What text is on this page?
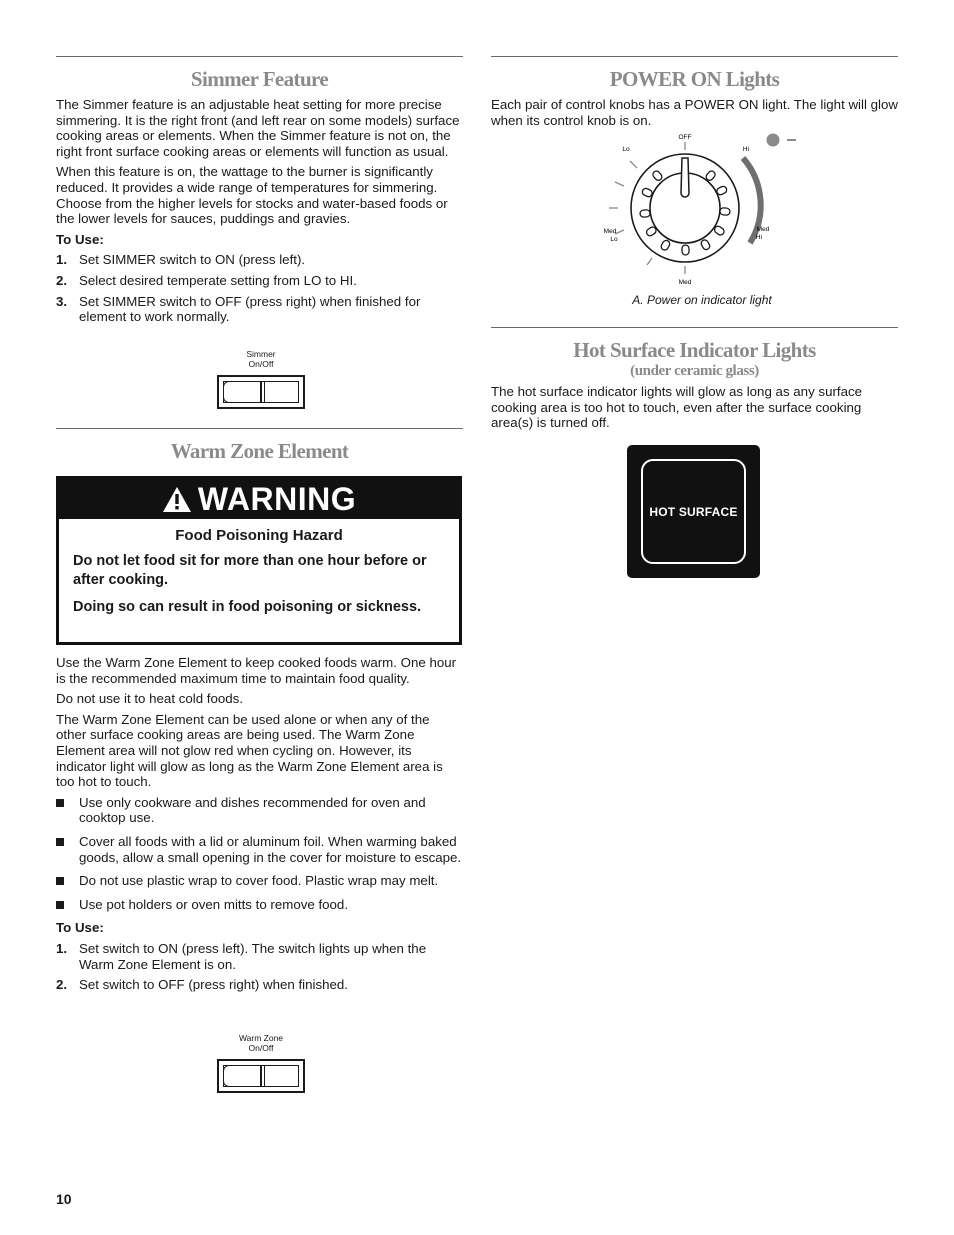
Simmer Feature

The Simmer feature is an adjustable heat setting for more precise simmering. It is the right front (and left rear on some models) surface cooking areas or elements. When the Simmer feature is not on, the right front surface cooking areas or elements will function as usual.

When this feature is on, the wattage to the burner is significantly reduced. It provides a wide range of temperatures for simmering. Choose from the higher levels for stocks and water-based foods or the lower levels for sauces, puddings and gravies.

To Use:

1. Set SIMMER switch to ON (press left).
2. Select desired temperate setting from LO to HI.
3. Set SIMMER switch to OFF (press right) when finished for element to work normally.
Simmer
On/Off
Warm Zone Element
WARNING
Food Poisoning Hazard
Do not let food sit for more than one hour before or after cooking.
Doing so can result in food poisoning or sickness.

Use the Warm Zone Element to keep cooked foods warm. One hour is the recommended maximum time to maintain food quality.

Do not use it to heat cold foods.

The Warm Zone Element can be used alone or when any of the other surface cooking areas are being used. The Warm Zone Element area will not glow red when cycling on. However, its indicator light will glow as long as the Warm Zone Element area is too hot to touch.

Use only cookware and dishes recommended for oven and cooktop use.
Cover all foods with a lid or aluminum foil. When warming baked goods, allow a small opening in the cover for moisture to escape.
Do not use plastic wrap to cover food. Plastic wrap may melt.
Use pot holders or oven mitts to remove food.

To Use:

1. Set switch to ON (press left). The switch lights up when the Warm Zone Element is on.
2. Set switch to OFF (press right) when finished.
Warm Zone
On/Off
10
POWER ON Lights

Each pair of control knobs has a POWER ON light. The light will glow when its control knob is on.

OFF
Lo	Hi
Med
Lo
Med
Hi
Med
A. Power on indicator light
Hot Surface Indicator Lights
(under ceramic glass)

The hot surface indicator lights will glow as long as any surface cooking area is too hot to touch, even after the surface cooking area(s) is turned off.

HOT SURFACE
